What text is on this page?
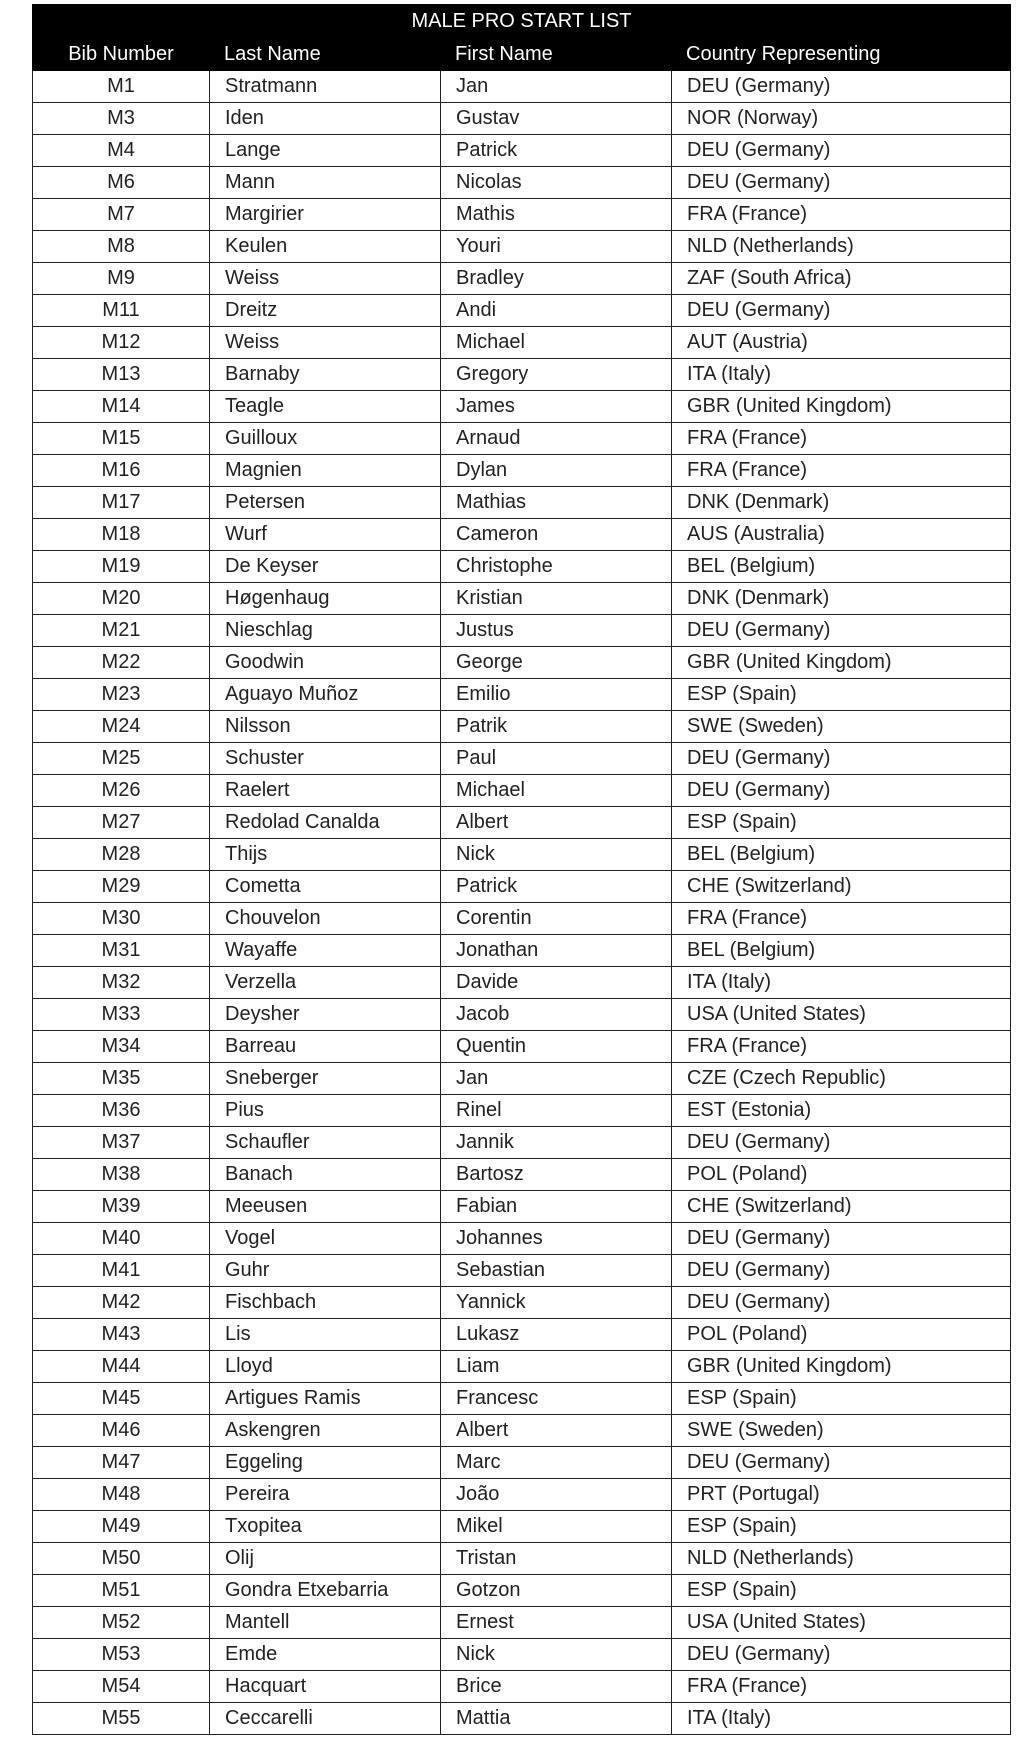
MALE PRO START LIST			
Bib Number	Last Name	First Name	Country Representing
M1	Stratmann	Jan	DEU (Germany)
M3	Iden	Gustav	NOR (Norway)
M4	Lange	Patrick	DEU (Germany)
M6	Mann	Nicolas	DEU (Germany)
M7	Margirier	Mathis	FRA (France)
M8	Keulen	Youri	NLD (Netherlands)
M9	Weiss	Bradley	ZAF (South Africa)
M11	Dreitz	Andi	DEU (Germany)
M12	Weiss	Michael	AUT (Austria)
M13	Barnaby	Gregory	ITA (Italy)
M14	Teagle	James	GBR (United Kingdom)
M15	Guilloux	Arnaud	FRA (France)
M16	Magnien	Dylan	FRA (France)
M17	Petersen	Mathias	DNK (Denmark)
M18	Wurf	Cameron	AUS (Australia)
M19	De Keyser	Christophe	BEL (Belgium)
M20	Høgenhaug	Kristian	DNK (Denmark)
M21	Nieschlag	Justus	DEU (Germany)
M22	Goodwin	George	GBR (United Kingdom)
M23	Aguayo Muñoz	Emilio	ESP (Spain)
M24	Nilsson	Patrik	SWE (Sweden)
M25	Schuster	Paul	DEU (Germany)
M26	Raelert	Michael	DEU (Germany)
M27	Redolad Canalda	Albert	ESP (Spain)
M28	Thijs	Nick	BEL (Belgium)
M29	Cometta	Patrick	CHE (Switzerland)
M30	Chouvelon	Corentin	FRA (France)
M31	Wayaffe	Jonathan	BEL (Belgium)
M32	Verzella	Davide	ITA (Italy)
M33	Deysher	Jacob	USA (United States)
M34	Barreau	Quentin	FRA (France)
M35	Sneberger	Jan	CZE (Czech Republic)
M36	Pius	Rinel	EST (Estonia)
M37	Schaufler	Jannik	DEU (Germany)
M38	Banach	Bartosz	POL (Poland)
M39	Meeusen	Fabian	CHE (Switzerland)
M40	Vogel	Johannes	DEU (Germany)
M41	Guhr	Sebastian	DEU (Germany)
M42	Fischbach	Yannick	DEU (Germany)
M43	Lis	Lukasz	POL (Poland)
M44	Lloyd	Liam	GBR (United Kingdom)
M45	Artigues Ramis	Francesc	ESP (Spain)
M46	Askengren	Albert	SWE (Sweden)
M47	Eggeling	Marc	DEU (Germany)
M48	Pereira	João	PRT (Portugal)
M49	Txopitea	Mikel	ESP (Spain)
M50	Olij	Tristan	NLD (Netherlands)
M51	Gondra Etxebarria	Gotzon	ESP (Spain)
M52	Mantell	Ernest	USA (United States)
M53	Emde	Nick	DEU (Germany)
M54	Hacquart	Brice	FRA (France)
M55	Ceccarelli	Mattia	ITA (Italy)
